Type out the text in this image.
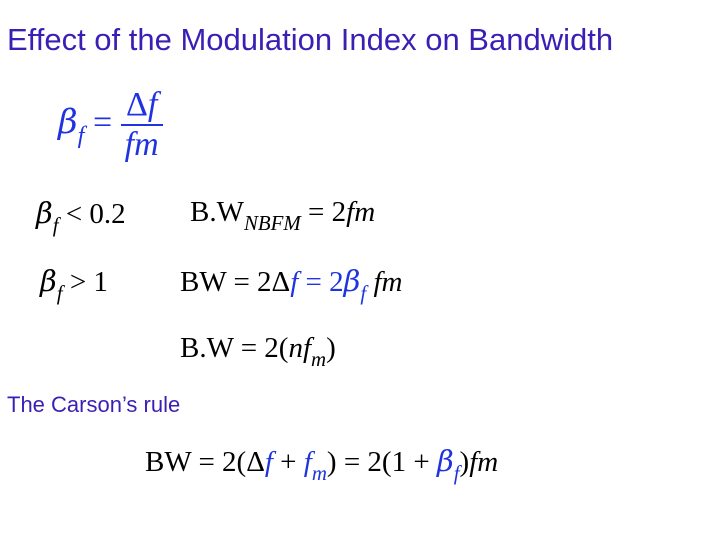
Effect of the Modulation Index on Bandwidth
$\beta_f = \frac{\Delta f}{fm}$
$\beta_f < 0.2$ $B.W_{NBFM} = 2fm$
$\beta_f > 1$ BW = $2\Delta f = 2\beta_f$ fm
$B.W = 2(nf_m)$
The Carson’s rule
BW = $2(\Delta f + f_m) = 2(1 + \beta_f)fm$
